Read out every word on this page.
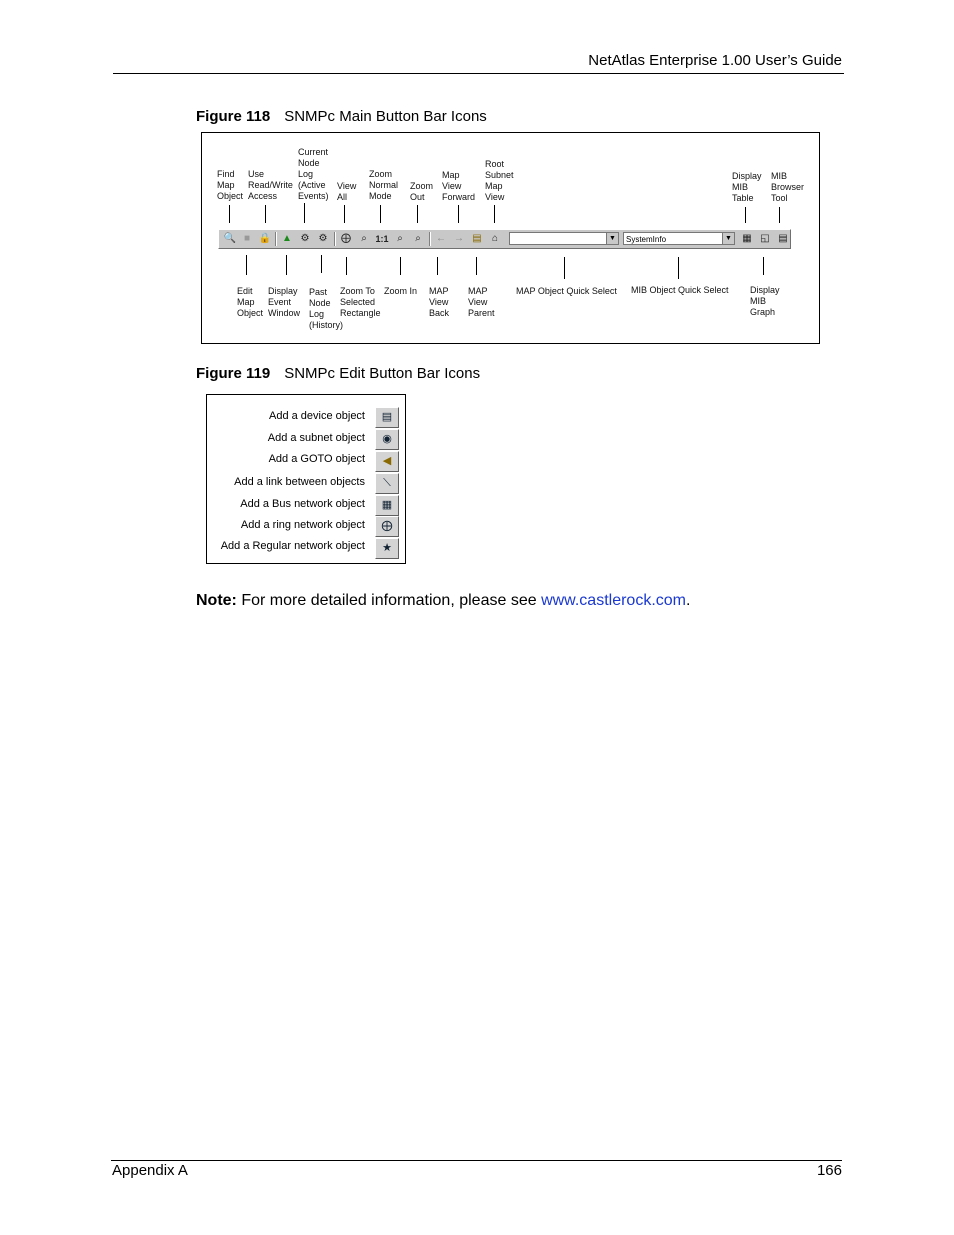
NetAtlas Enterprise 1.00 User’s Guide
Figure 118 SNMPc Main Button Bar Icons
Find
Map
Object
Use
Read/Write
Access
Current
Node
Log
(Active
Events)
View
All
Zoom
Normal
Mode
Zoom
Out
Map
View
Forward
Root
Subnet
Map
View
Display
MIB
Table
MIB
Browser
Tool
Edit
Map
Object
Display
Event
Window
Past
Node
Log
(History)
Zoom To
Selected
Rectangle
Zoom In MAP
View
Back
MAP
View
Parent
MAP Object Quick Select MIB Object Quick Select Display
MIB
Graph
🔍 ■ 🔒	▲ ⚙ ⚙	⨁	⌕ 1:1 ⌕	⌕	← → ▤	⌂	▼	SystemInfo	▼	▦ ◱ ▤
Figure 119 SNMPc Edit Button Bar Icons
Add a device object	▤
Add a subnet object	◉
Add a GOTO object	◀
Add a link between objects	⟍
Add a Bus network object	▦
Add a ring network object	⨁
Add a Regular network object	★
Note: For more detailed information, please see www.castlerock.com.
Appendix A	166
